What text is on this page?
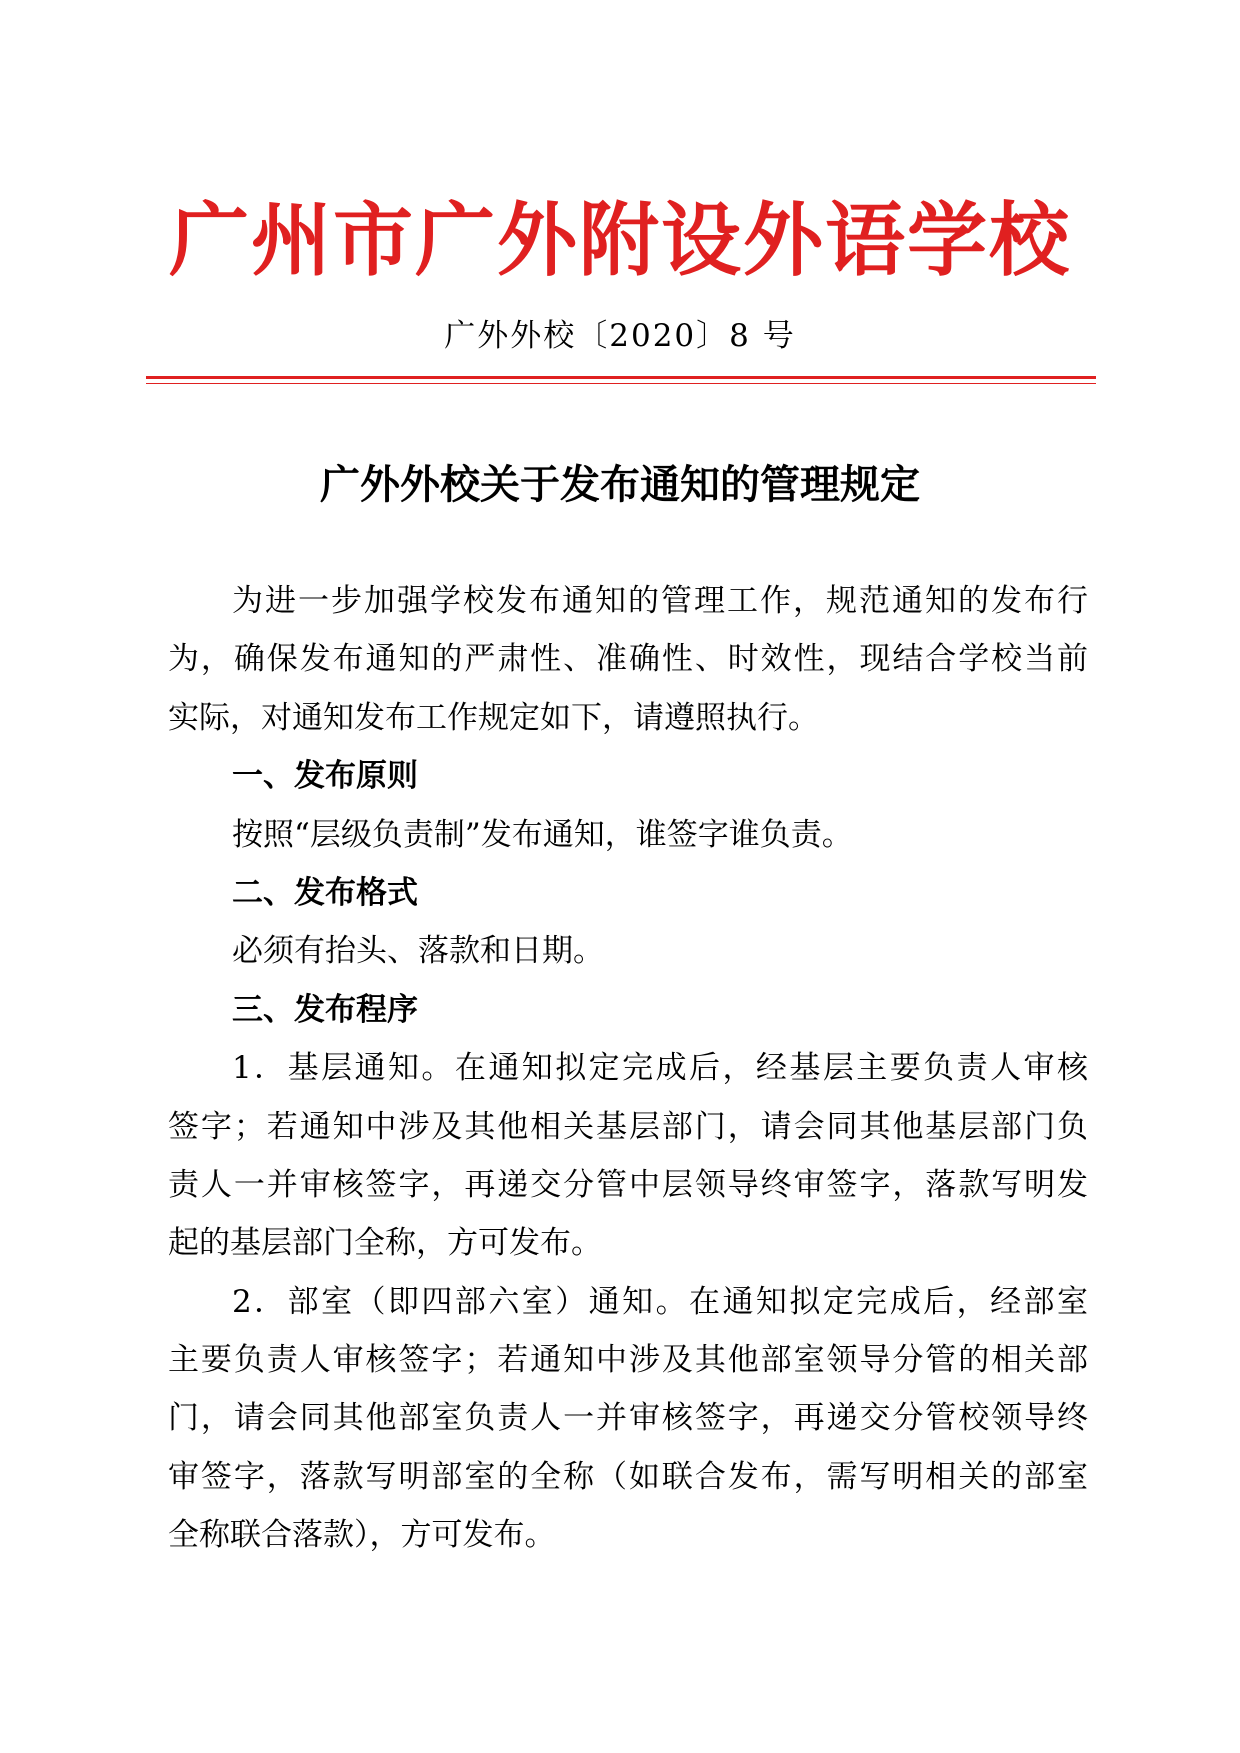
广州市广外附设外语学校
广外外校〔2020〕8 号
广外外校关于发布通知的管理规定
为进一步加强学校发布通知的管理工作，规范通知的发布行
为，确保发布通知的严肃性、准确性、时效性，现结合学校当前
实际，对通知发布工作规定如下，请遵照执行。
一、发布原则
按照“层级负责制”发布通知，谁签字谁负责。
二、发布格式
必须有抬头、落款和日期。
三、发布程序
1．基层通知。在通知拟定完成后，经基层主要负责人审核
签字；若通知中涉及其他相关基层部门，请会同其他基层部门负
责人一并审核签字，再递交分管中层领导终审签字，落款写明发
起的基层部门全称，方可发布。
2．部室（即四部六室）通知。在通知拟定完成后，经部室
主要负责人审核签字；若通知中涉及其他部室领导分管的相关部
门，请会同其他部室负责人一并审核签字，再递交分管校领导终
审签字，落款写明部室的全称（如联合发布，需写明相关的部室
全称联合落款），方可发布。
